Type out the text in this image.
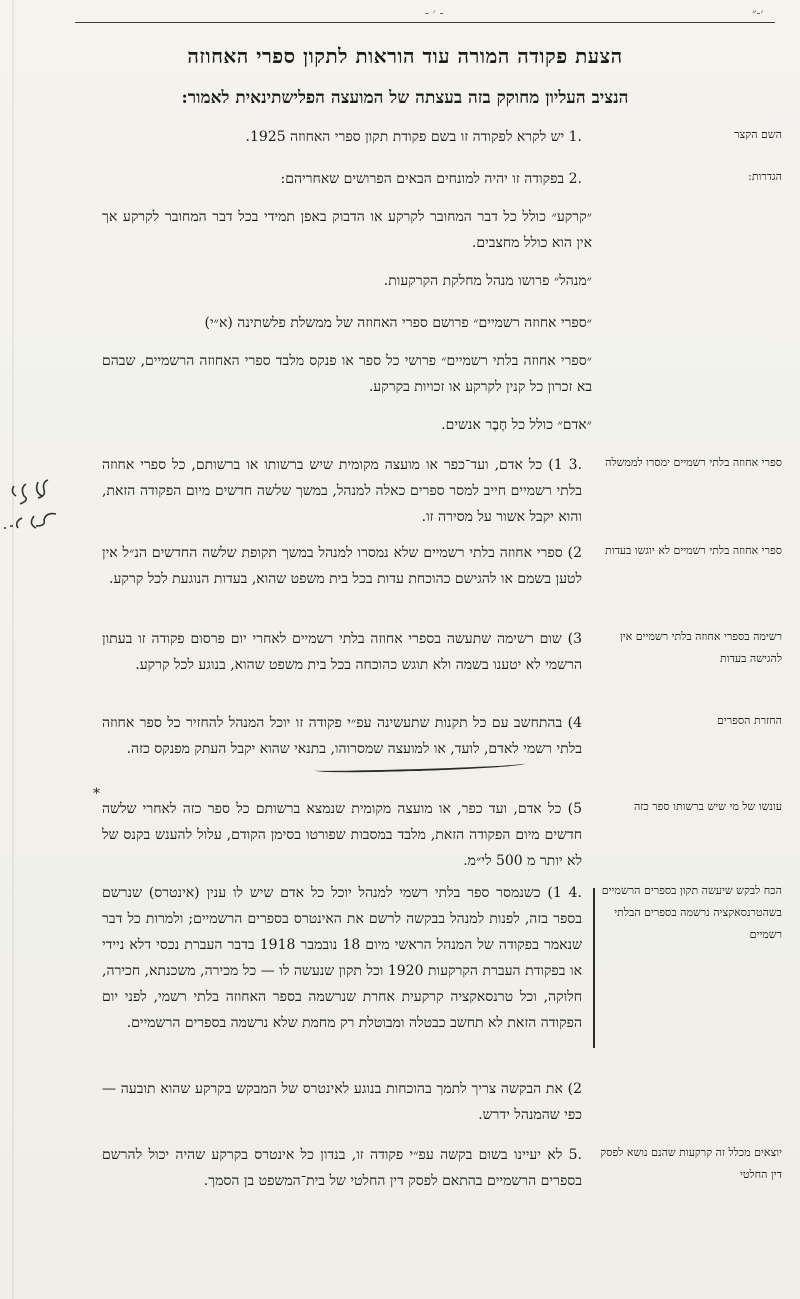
- ׳ -	׳-״
הצעת פקודה המורה עוד הוראות לתקון ספרי האחוזה
הנציב העליון מחוקק בזה בעצתה של המועצה הפלישתינאית לאמור:
השם הקצר
.1 יש לקרא לפקודה זו בשם פקודת תקון ספרי האחוזה 1925.
הגדרות:
.2 בפקודה זו יהיה למונחים הבאים הפרושים שאחריהם:
״קרקע״ כולל כל דבר המחובר לקרקע או הדבוק באפן תמידי בכל דבר המחובר לקרקע אך אין הוא כולל מחצבים.
״מנהל״ פרושו מנהל מחלקת הקרקעות.
״ספרי אחוזה רשמיים״ פרושם ספרי האחוזה של ממשלת פלשתינה (א״י)
״ספרי אחוזה בלתי רשמיים״ פרושי כל ספר או פנקס מלבד ספרי האחוזה הרשמיים, שבהם בא זכרון כל קנין לקרקע או זכויות בקרקע.
״אדם״ כולל כל חֶבֶר אנשים.
ספרי אחוזה בלתי רשמיים ימסרו לממשלה
.3 1) כל אדם, ועד־כפר או מועצה מקומית שיש ברשותו או ברשותם, כל ספרי אחוזה בלתי רשמיים חייב למסר ספרים כאלה למנהל, במשך שלשה חדשים מיום הפקודה הזאת, והוא יקבל אשור על מסירה זו.
ספרי אחוזה בלתי רשמיים לא יוגשו בעדות
2) ספרי אחוזה בלתי רשמיים שלא נמסרו למנהל במשך תקופת שלשה החדשים הנ״ל אין לטען בשמם או להגישם כהוכחת עדות בכל בית משפט שהוא, בעדות הנוגעת לכל קרקע.
רשימה בספרי אחוזה בלתי רשמיים אין להגישה בעדות
3) שום רשימה שתעשה בספרי אחוזה בלתי רשמיים לאחרי יום פרסום פקודה זו בעתון הרשמי לא יטענו בשמה ולא תוגש כהוכחה בכל בית משפט שהוא, בנוגע לכל קרקע.
החזרת הספרים
4) בהתחשב עם כל תקנות שתעשינה עפ״י פקודה זו יוכל המנהל להחזיר כל ספר אחוזה בלתי רשמי לאדם, לועד, או למועצה שמסרוהו, בתנאי שהוא יקבל העתק מפנקס כזה.
*
עונשו של מי שיש ברשותו ספר כזה
5) כל אדם, ועד כפר, או מועצה מקומית שנמצא ברשותם כל ספר כזה לאחרי שלשה חדשים מיום הפקודה הזאת, מלבד במסבות שפורטו בסימן הקודם, עלול להענש בקנס של לא יותר מ 500 לי״מ.
הכח לבקש שיעשה תקון בספרים הרשמיים בשהטרנסאקציה נרשמה בספרים הבלתי רשמיים
.4 1) כשנמסר ספר בלתי רשמי למנהל יוכל כל אדם שיש לו ענין (אינטרס) שנרשם בספר בזה, לפנות למנהל בבקשה לרשם את האינטרס בספרים הרשמיים; ולמרות כל דבר שנאמר בפקודה של המנהל הראשי מיום 18 נובמבר 1918 בדבר העברת נכסי דלא ניידי או בפקודת העברת הקרקעות 1920 וכל תקון שנעשה לו — כל מכירה, משכנתא, חכירה, חלוקה, וכל טרנסאקציה קרקעית אחרת שנרשמה בספר האחוזה בלתי רשמי, לפני יום הפקודה הזאת לא תחשב כבטלה ומבוטלת רק מחמת שלא נרשמה בספרים הרשמיים.
2) את הבקשה צריך לתמך בהוכחות בנוגע לאינטרס של המבקש בקרקע שהוא תובעה — כפי שהמנהל ידרש.
יוצאים מכלל זה קרקעות שהנם נושא לפסק דין החלטי
.5 לא יעיינו בשום בקשה עפ״י פקודה זו, בנדון כל אינטרס בקרקע שהיה יכול להרשם בספרים הרשמיים בהתאם לפסק דין החלטי של בית־המשפט בן הסמך.
